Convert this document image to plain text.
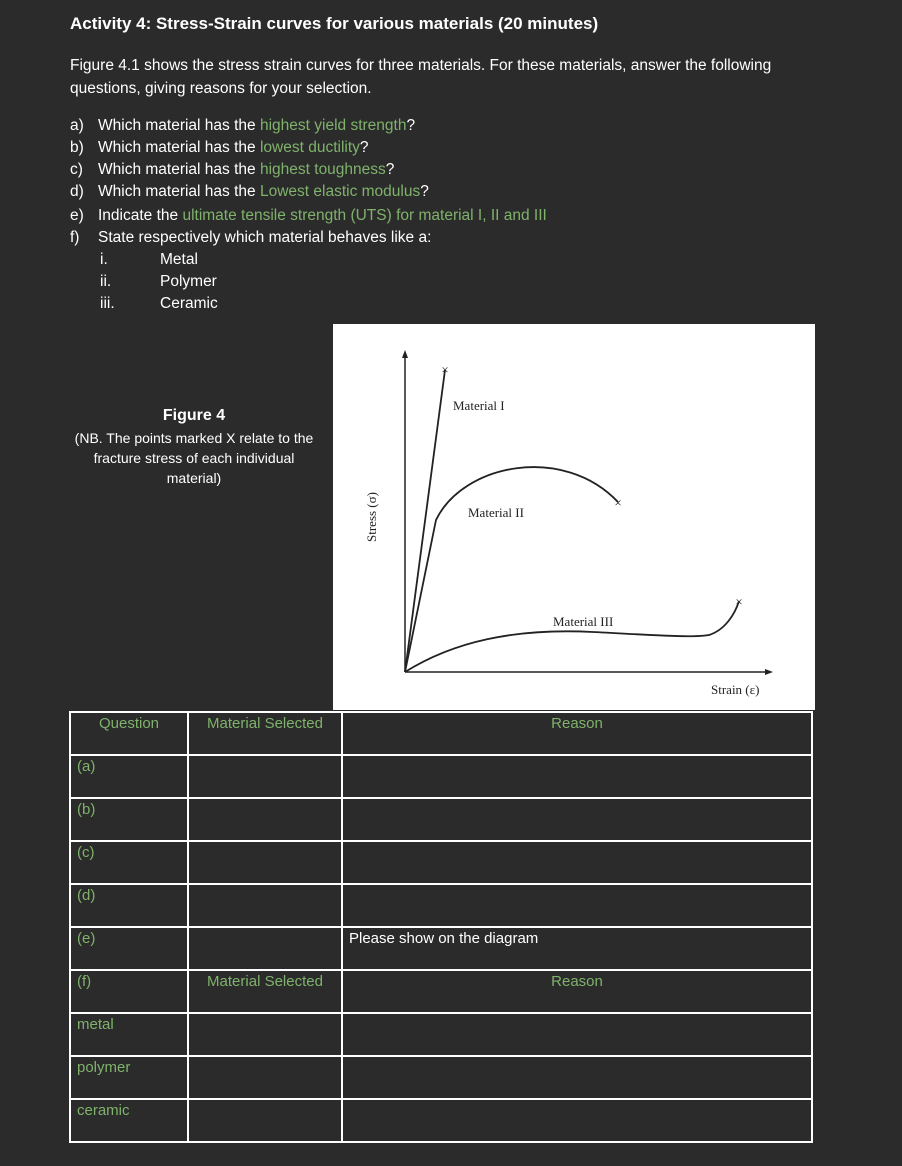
Activity 4: Stress-Strain curves for various materials (20 minutes)
Figure 4.1 shows the stress strain curves for three materials. For these materials, answer the following questions, giving reasons for your selection.
a) Which material has the highest yield strength?
b) Which material has the lowest ductility?
c) Which material has the highest toughness?
d) Which material has the Lowest elastic modulus?
e) Indicate the ultimate tensile strength (UTS) for material I, II and III
f) State respectively which material behaves like a:
i.	Metal
ii.	Polymer
iii.	Ceramic
Figure 4
(NB. The points marked X relate to the fracture stress of each individual material)
×
Material I
×
Material II
×
Material III
Stress (σ)
Strain (ε)
Question	Material Selected	Reason
(a)		
(b)		
(c)		
(d)		
(e)		Please show on the diagram
(f)	Material Selected	Reason
metal		
polymer		
ceramic		
